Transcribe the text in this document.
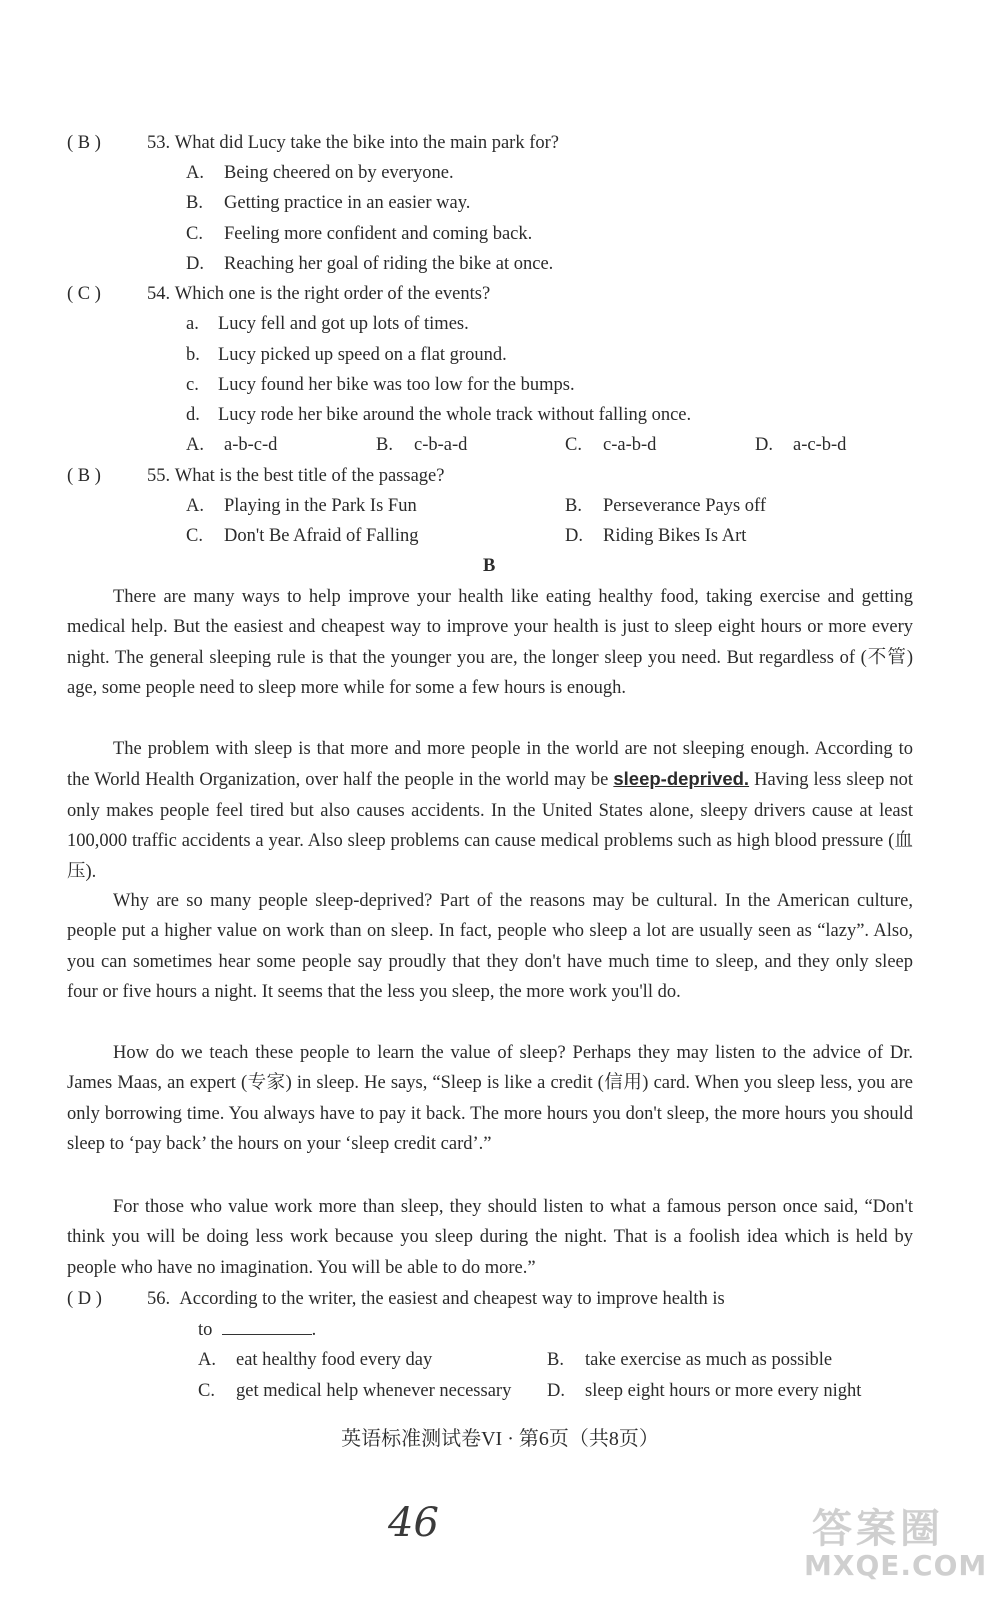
( B ) 53. What did Lucy take the bike into the main park for?
A. Being cheered on by everyone.
B. Getting practice in an easier way.
C. Feeling more confident and coming back.
D. Reaching her goal of riding the bike at once.
( C ) 54. Which one is the right order of the events?
a. Lucy fell and got up lots of times.
b. Lucy picked up speed on a flat ground.
c. Lucy found her bike was too low for the bumps.
d. Lucy rode her bike around the whole track without falling once.
A. a-b-c-d	B. c-b-a-d	C. c-a-b-d	D. a-c-b-d
( B ) 55. What is the best title of the passage?
A. Playing in the Park Is Fun	B. Perseverance Pays off
C. Don't Be Afraid of Falling	D. Riding Bikes Is Art
B
There are many ways to help improve your health like eating healthy food, taking exercise and getting medical help. But the easiest and cheapest way to improve your health is just to sleep eight hours or more every night. The general sleeping rule is that the younger you are, the longer sleep you need. But regardless of (不管) age, some people need to sleep more while for some a few hours is enough.
The problem with sleep is that more and more people in the world are not sleeping enough. According to the World Health Organization, over half the people in the world may be sleep-deprived. Having less sleep not only makes people feel tired but also causes accidents. In the United States alone, sleepy drivers cause at least 100,000 traffic accidents a year. Also sleep problems can cause medical problems such as high blood pressure (血压).
Why are so many people sleep-deprived? Part of the reasons may be cultural. In the American culture, people put a higher value on work than on sleep. In fact, people who sleep a lot are usually seen as “lazy”. Also, you can sometimes hear some people say proudly that they don't have much time to sleep, and they only sleep four or five hours a night. It seems that the less you sleep, the more work you'll do.
How do we teach these people to learn the value of sleep? Perhaps they may listen to the advice of Dr. James Maas, an expert (专家) in sleep. He says, “Sleep is like a credit (信用) card. When you sleep less, you are only borrowing time. You always have to pay it back. The more hours you don't sleep, the more hours you should sleep to ‘pay back’ the hours on your ‘sleep credit card’.”
For those who value work more than sleep, they should listen to what a famous person once said, “Don't think you will be doing less work because you sleep during the night. That is a foolish idea which is held by people who have no imagination. You will be able to do more.”
( D ) 56. According to the writer, the easiest and cheapest way to improve health is
to	.
A. eat healthy food every day	B. take exercise as much as possible
C. get medical help whenever necessary D. sleep eight hours or more every night
英语标准测试卷VI · 第6页（共8页）
46	答案圈
MXQE.COM
